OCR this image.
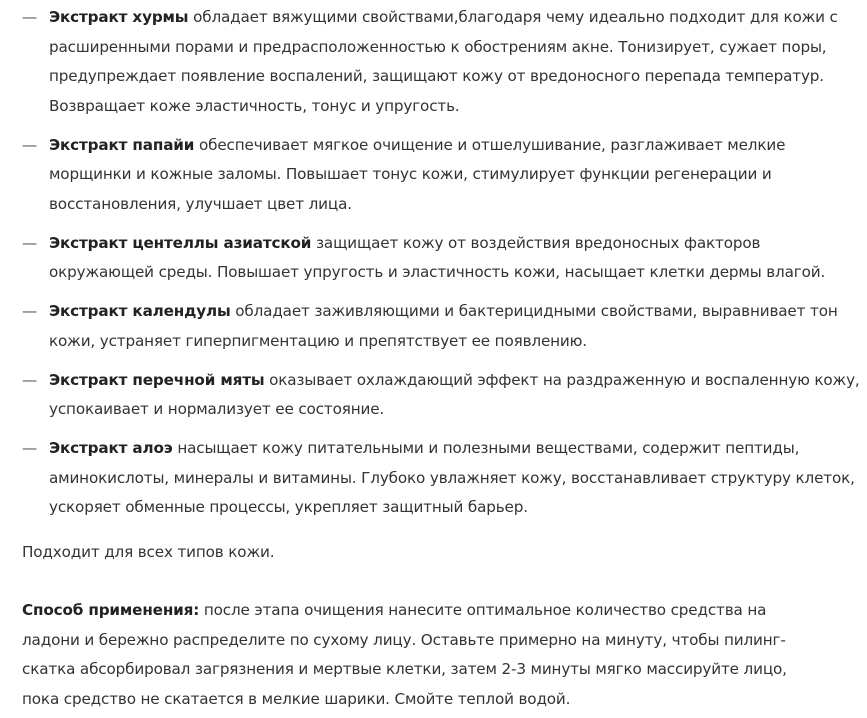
— Экстракт хурмы обладает вяжущими свойствами,благодаря чему идеально подходит для кожи с расширенными порами и предрасположенностью к обострениям акне. Тонизирует, сужает поры, предупреждает появление воспалений, защищают кожу от вредоносного перепада температур. Возвращает коже эластичность, тонус и упругость.
— Экстракт папайи обеспечивает мягкое очищение и отшелушивание, разглаживает мелкие морщинки и кожные заломы. Повышает тонус кожи, стимулирует функции регенерации и восстановления, улучшает цвет лица.
— Экстракт центеллы азиатской защищает кожу от воздействия вредоносных факторов окружающей среды. Повышает упругость и эластичность кожи, насыщает клетки дермы влагой.
— Экстракт календулы обладает заживляющими и бактерицидными свойствами, выравнивает тон кожи, устраняет гиперпигментацию и препятствует ее появлению.
— Экстракт перечной мяты оказывает охлаждающий эффект на раздраженную и воспаленную кожу, успокаивает и нормализует ее состояние.
— Экстракт алоэ насыщает кожу питательными и полезными веществами, содержит пептиды, аминокислоты, минералы и витамины. Глубоко увлажняет кожу, восстанавливает структуру клеток, ускоряет обменные процессы, укрепляет защитный барьер.

Подходит для всех типов кожи.

Способ применения: после этапа очищения нанесите оптимальное количество средства на ладони и бережно распределите по сухому лицу. Оставьте примерно на минуту, чтобы пилинг-скатка абсорбировал загрязнения и мертвые клетки, затем 2-3 минуты мягко массируйте лицо, пока средство не скатается в мелкие шарики. Смойте теплой водой.
